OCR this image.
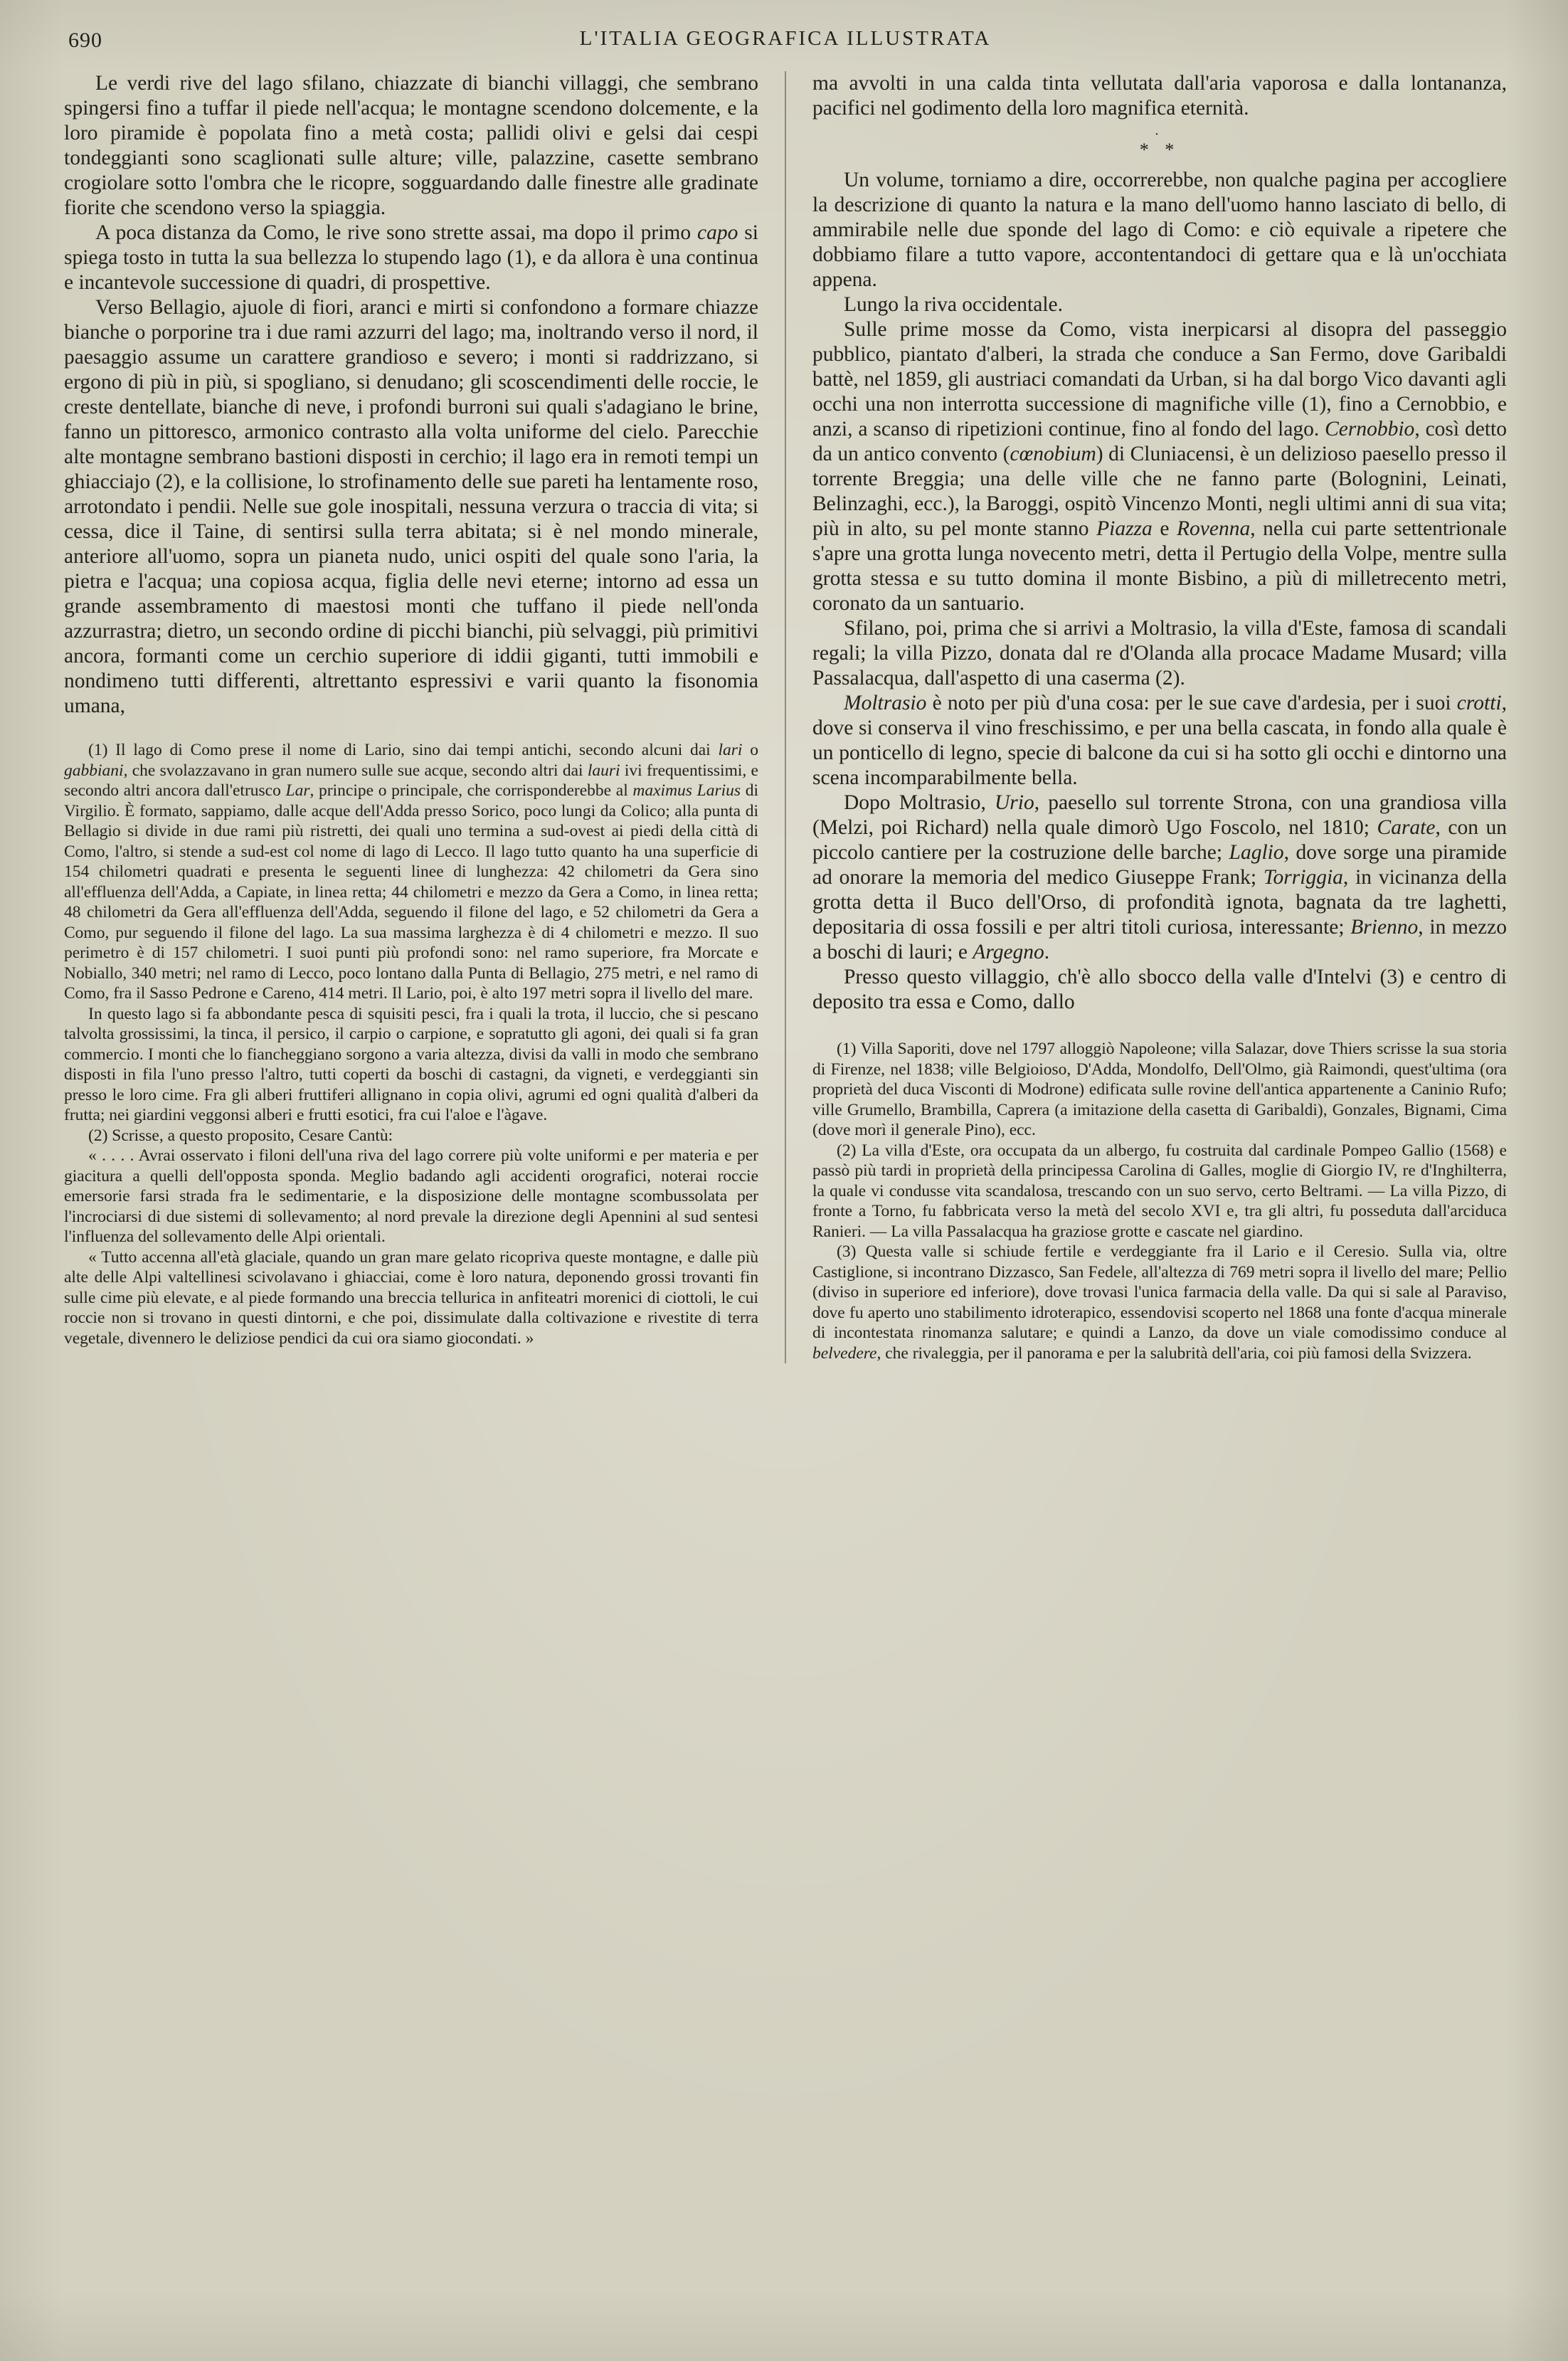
690	L'ITALIA GEOGRAFICA ILLUSTRATA

Le verdi rive del lago sfilano, chiazzate di bianchi villaggi, che sembrano spingersi fino a tuffar il piede nell'acqua; le montagne scendono dolcemente, e la loro piramide è popolata fino a metà costa; pallidi olivi e gelsi dai cespi tondeggianti sono scaglionati sulle alture; ville, palazzine, casette sembrano crogiolare sotto l'ombra che le ricopre, sogguardando dalle finestre alle gradinate fiorite che scendono verso la spiaggia.

A poca distanza da Como, le rive sono strette assai, ma dopo il primo capo si spiega tosto in tutta la sua bellezza lo stupendo lago (1), e da allora è una continua e incantevole successione di quadri, di prospettive.

Verso Bellagio, ajuole di fiori, aranci e mirti si confondono a formare chiazze bianche o porporine tra i due rami azzurri del lago; ma, inoltrando verso il nord, il paesaggio assume un carattere grandioso e severo; i monti si raddrizzano, si ergono di più in più, si spogliano, si denudano; gli scoscendimenti delle roccie, le creste dentellate, bianche di neve, i profondi burroni sui quali s'adagiano le brine, fanno un pittoresco, armonico contrasto alla volta uniforme del cielo. Parecchie alte montagne sembrano bastioni disposti in cerchio; il lago era in remoti tempi un ghiacciajo (2), e la collisione, lo strofinamento delle sue pareti ha lentamente roso, arrotondato i pendii. Nelle sue gole inospitali, nessuna verzura o traccia di vita; si cessa, dice il Taine, di sentirsi sulla terra abitata; si è nel mondo minerale, anteriore all'uomo, sopra un pianeta nudo, unici ospiti del quale sono l'aria, la pietra e l'acqua; una copiosa acqua, figlia delle nevi eterne; intorno ad essa un grande assembramento di maestosi monti che tuffano il piede nell'onda azzurrastra; dietro, un secondo ordine di picchi bianchi, più selvaggi, più primitivi ancora, formanti come un cerchio superiore di iddii giganti, tutti immobili e nondimeno tutti differenti, altrettanto espressivi e varii quanto la fisonomia umana,

(1) Il lago di Como prese il nome di Lario, sino dai tempi antichi, secondo alcuni dai lari o gabbiani, che svolazzavano in gran numero sulle sue acque, secondo altri dai lauri ivi frequentissimi, e secondo altri ancora dall'etrusco Lar, principe o principale, che corrisponderebbe al maximus Larius di Virgilio. È formato, sappiamo, dalle acque dell'Adda presso Sorico, poco lungi da Colico; alla punta di Bellagio si divide in due rami più ristretti, dei quali uno termina a sud-ovest ai piedi della città di Como, l'altro, si stende a sud-est col nome di lago di Lecco. Il lago tutto quanto ha una superficie di 154 chilometri quadrati e presenta le seguenti linee di lunghezza: 42 chilometri da Gera sino all'effluenza dell'Adda, a Capiate, in linea retta; 44 chilometri e mezzo da Gera a Como, in linea retta; 48 chilometri da Gera all'effluenza dell'Adda, seguendo il filone del lago, e 52 chilometri da Gera a Como, pur seguendo il filone del lago. La sua massima larghezza è di 4 chilometri e mezzo. Il suo perimetro è di 157 chilometri. I suoi punti più profondi sono: nel ramo superiore, fra Morcate e Nobiallo, 340 metri; nel ramo di Lecco, poco lontano dalla Punta di Bellagio, 275 metri, e nel ramo di Como, fra il Sasso Pedrone e Careno, 414 metri. Il Lario, poi, è alto 197 metri sopra il livello del mare.

In questo lago si fa abbondante pesca di squisiti pesci, fra i quali la trota, il luccio, che si pescano talvolta grossissimi, la tinca, il persico, il carpio o carpione, e sopratutto gli agoni, dei quali si fa gran commercio. I monti che lo fiancheggiano sorgono a varia altezza, divisi da valli in modo che sembrano disposti in fila l'uno presso l'altro, tutti coperti da boschi di castagni, da vigneti, e verdeggianti sin presso le loro cime. Fra gli alberi fruttiferi allignano in copia olivi, agrumi ed ogni qualità d'alberi da frutta; nei giardini veggonsi alberi e frutti esotici, fra cui l'aloe e l'àgave.

(2) Scrisse, a questo proposito, Cesare Cantù:

« . . . . Avrai osservato i filoni dell'una riva del lago correre più volte uniformi e per materia e per giacitura a quelli dell'opposta sponda. Meglio badando agli accidenti orografici, noterai roccie emersorie farsi strada fra le sedimentarie, e la disposizione delle montagne scombussolata per l'incrociarsi di due sistemi di sollevamento; al nord prevale la direzione degli Apennini al sud sentesi l'influenza del sollevamento delle Alpi orientali.

« Tutto accenna all'età glaciale, quando un gran mare gelato ricopriva queste montagne, e dalle più alte delle Alpi valtellinesi scivolavano i ghiacciai, come è loro natura, deponendo grossi trovanti fin sulle cime più elevate, e al piede formando una breccia tellurica in anfiteatri morenici di ciottoli, le cui roccie non si trovano in questi dintorni, e che poi, dissimulate dalla coltivazione e rivestite di terra vegetale, divennero le deliziose pendici da cui ora siamo giocondati. »

ma avvolti in una calda tinta vellutata dall'aria vaporosa e dalla lontananza, pacifici nel godimento della loro magnifica eternità.

·
* *

Un volume, torniamo a dire, occorrerebbe, non qualche pagina per accogliere la descrizione di quanto la natura e la mano dell'uomo hanno lasciato di bello, di ammirabile nelle due sponde del lago di Como: e ciò equivale a ripetere che dobbiamo filare a tutto vapore, accontentandoci di gettare qua e là un'occhiata appena.

Lungo la riva occidentale.

Sulle prime mosse da Como, vista inerpicarsi al disopra del passeggio pubblico, piantato d'alberi, la strada che conduce a San Fermo, dove Garibaldi battè, nel 1859, gli austriaci comandati da Urban, si ha dal borgo Vico davanti agli occhi una non interrotta successione di magnifiche ville (1), fino a Cernobbio, e anzi, a scanso di ripetizioni continue, fino al fondo del lago. Cernobbio, così detto da un antico convento (cœnobium) di Cluniacensi, è un delizioso paesello presso il torrente Breggia; una delle ville che ne fanno parte (Bolognini, Leinati, Belinzaghi, ecc.), la Baroggi, ospitò Vincenzo Monti, negli ultimi anni di sua vita; più in alto, su pel monte stanno Piazza e Rovenna, nella cui parte settentrionale s'apre una grotta lunga novecento metri, detta il Pertugio della Volpe, mentre sulla grotta stessa e su tutto domina il monte Bisbino, a più di milletrecento metri, coronato da un santuario.

Sfilano, poi, prima che si arrivi a Moltrasio, la villa d'Este, famosa di scandali regali; la villa Pizzo, donata dal re d'Olanda alla procace Madame Musard; villa Passalacqua, dall'aspetto di una caserma (2).

Moltrasio è noto per più d'una cosa: per le sue cave d'ardesia, per i suoi crotti, dove si conserva il vino freschissimo, e per una bella cascata, in fondo alla quale è un ponticello di legno, specie di balcone da cui si ha sotto gli occhi e dintorno una scena incomparabilmente bella.

Dopo Moltrasio, Urio, paesello sul torrente Strona, con una grandiosa villa (Melzi, poi Richard) nella quale dimorò Ugo Foscolo, nel 1810; Carate, con un piccolo cantiere per la costruzione delle barche; Laglio, dove sorge una piramide ad onorare la memoria del medico Giuseppe Frank; Torriggia, in vicinanza della grotta detta il Buco dell'Orso, di profondità ignota, bagnata da tre laghetti, depositaria di ossa fossili e per altri titoli curiosa, interessante; Brienno, in mezzo a boschi di lauri; e Argegno.

Presso questo villaggio, ch'è allo sbocco della valle d'Intelvi (3) e centro di deposito tra essa e Como, dallo

(1) Villa Saporiti, dove nel 1797 alloggiò Napoleone; villa Salazar, dove Thiers scrisse la sua storia di Firenze, nel 1838; ville Belgioioso, D'Adda, Mondolfo, Dell'Olmo, già Raimondi, quest'ultima (ora proprietà del duca Visconti di Modrone) edificata sulle rovine dell'antica appartenente a Caninio Rufo; ville Grumello, Brambilla, Caprera (a imitazione della casetta di Garibaldi), Gonzales, Bignami, Cima (dove morì il generale Pino), ecc.

(2) La villa d'Este, ora occupata da un albergo, fu costruita dal cardinale Pompeo Gallio (1568) e passò più tardi in proprietà della principessa Carolina di Galles, moglie di Giorgio IV, re d'Inghilterra, la quale vi condusse vita scandalosa, trescando con un suo servo, certo Beltrami. — La villa Pizzo, di fronte a Torno, fu fabbricata verso la metà del secolo XVI e, tra gli altri, fu posseduta dall'arciduca Ranieri. — La villa Passalacqua ha graziose grotte e cascate nel giardino.

(3) Questa valle si schiude fertile e verdeggiante fra il Lario e il Ceresio. Sulla via, oltre Castiglione, si incontrano Dizzasco, San Fedele, all'altezza di 769 metri sopra il livello del mare; Pellio (diviso in superiore ed inferiore), dove trovasi l'unica farmacia della valle. Da qui si sale al Paraviso, dove fu aperto uno stabilimento idroterapico, essendovisi scoperto nel 1868 una fonte d'acqua minerale di incontestata rinomanza salutare; e quindi a Lanzo, da dove un viale comodissimo conduce al belvedere, che rivaleggia, per il panorama e per la salubrità dell'aria, coi più famosi della Svizzera.
